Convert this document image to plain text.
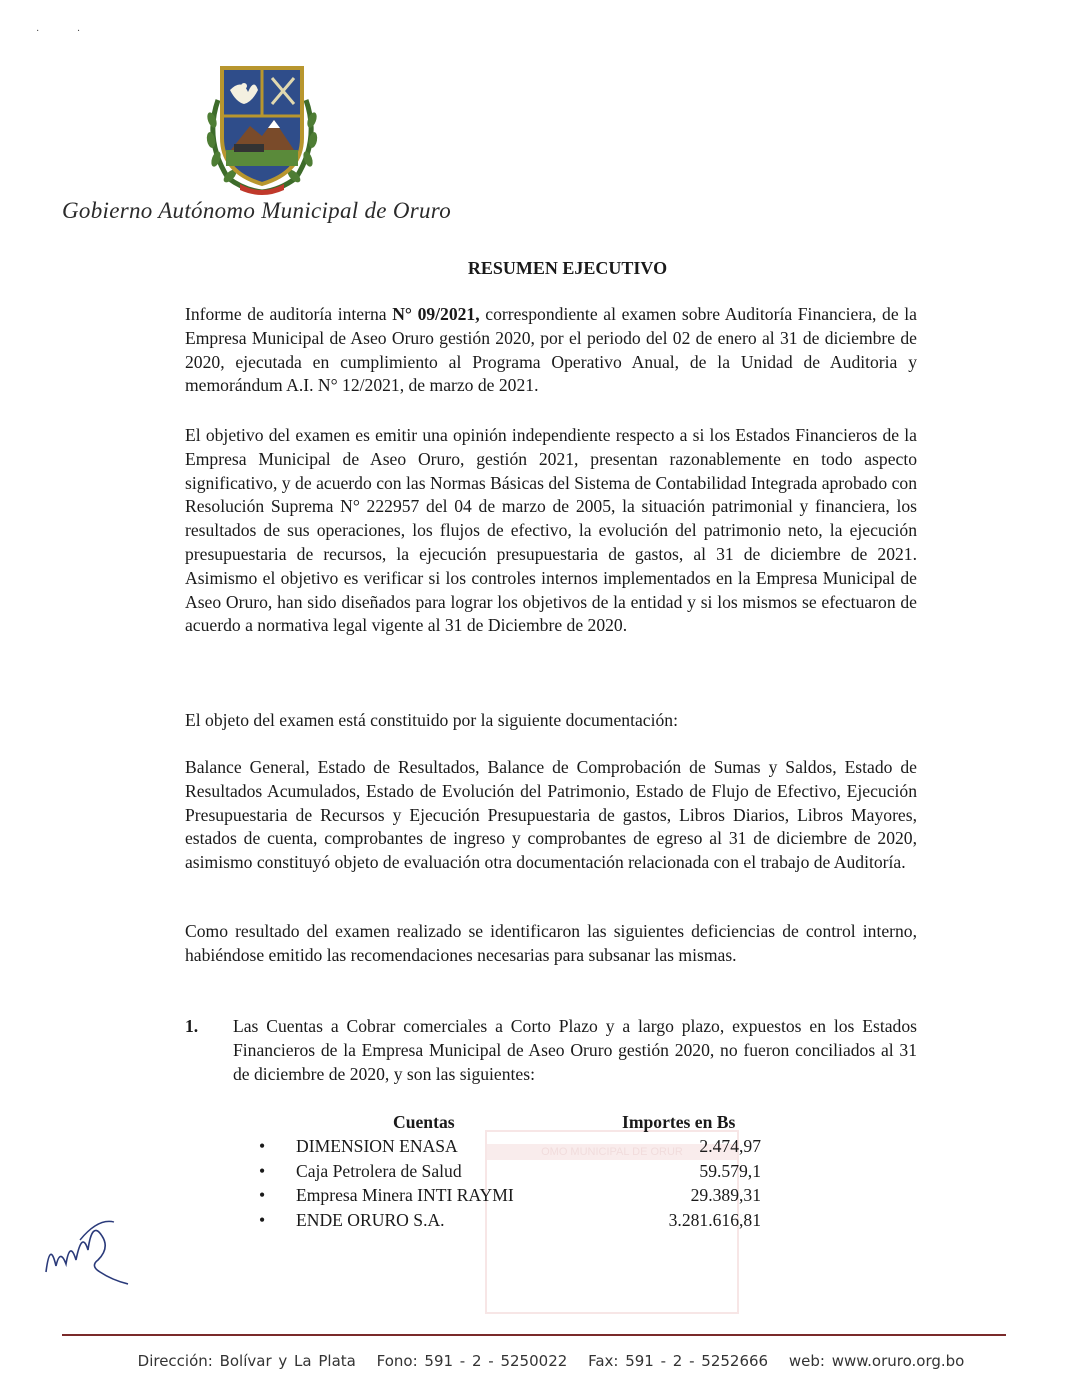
·               ·
Gobierno Autónomo Municipal de Oruro
RESUMEN EJECUTIVO

Informe de auditoría interna N° 09/2021, correspondiente al examen sobre Auditoría Financiera, de la Empresa Municipal de Aseo Oruro gestión 2020, por el periodo del 02 de enero al 31 de diciembre de 2020, ejecutada en cumplimiento al Programa Operativo Anual, de la Unidad de Auditoria y memorándum A.I. N° 12/2021, de marzo de 2021.

El objetivo del examen es emitir una opinión independiente respecto a si los Estados Financieros de la Empresa Municipal de Aseo Oruro, gestión 2021, presentan razonablemente en todo aspecto significativo, y de acuerdo con las Normas Básicas del Sistema de Contabilidad Integrada aprobado con Resolución Suprema N° 222957 del 04 de marzo de 2005, la situación patrimonial y financiera, los resultados de sus operaciones, los flujos de efectivo, la evolución del patrimonio neto, la ejecución presupuestaria de recursos, la ejecución presupuestaria de gastos, al 31 de diciembre de 2021. Asimismo el objetivo es verificar si los controles internos implementados en la Empresa Municipal de Aseo Oruro, han sido diseñados para lograr los objetivos de la entidad y si los mismos se efectuaron de acuerdo a normativa legal vigente al 31 de Diciembre de 2020.

El objeto del examen está constituido por la siguiente documentación:

Balance General, Estado de Resultados, Balance de Comprobación de Sumas y Saldos, Estado de Resultados Acumulados, Estado de Evolución del Patrimonio, Estado de Flujo de Efectivo, Ejecución Presupuestaria de Recursos y Ejecución Presupuestaria de gastos, Libros Diarios, Libros Mayores, estados de cuenta, comprobantes de ingreso y comprobantes de egreso al 31 de diciembre de 2020, asimismo constituyó objeto de evaluación otra documentación relacionada con el trabajo de Auditoría.

Como resultado del examen realizado se identificaron las siguientes deficiencias de control interno, habiéndose emitido las recomendaciones necesarias para subsanar las mismas.

1. Las Cuentas a Cobrar comerciales a Corto Plazo y a largo plazo, expuestos en los Estados Financieros de la Empresa Municipal de Aseo Oruro gestión 2020, no fueron conciliados al 31 de diciembre de 2020, y son las siguientes:
OMO MUNICIPAL DE ORUR
Cuentas	Importes en Bs
• DIMENSION ENASA	2.474,97
• Caja Petrolera de Salud	59.579,1
• Empresa Minera INTI RAYMI	29.389,31
• ENDE ORURO S.A.	3.281.616,81
Dirección: Bolívar y La Plata Fono: 591 - 2 - 5250022 Fax: 591 - 2 - 5252666 web: www.oruro.org.bo
